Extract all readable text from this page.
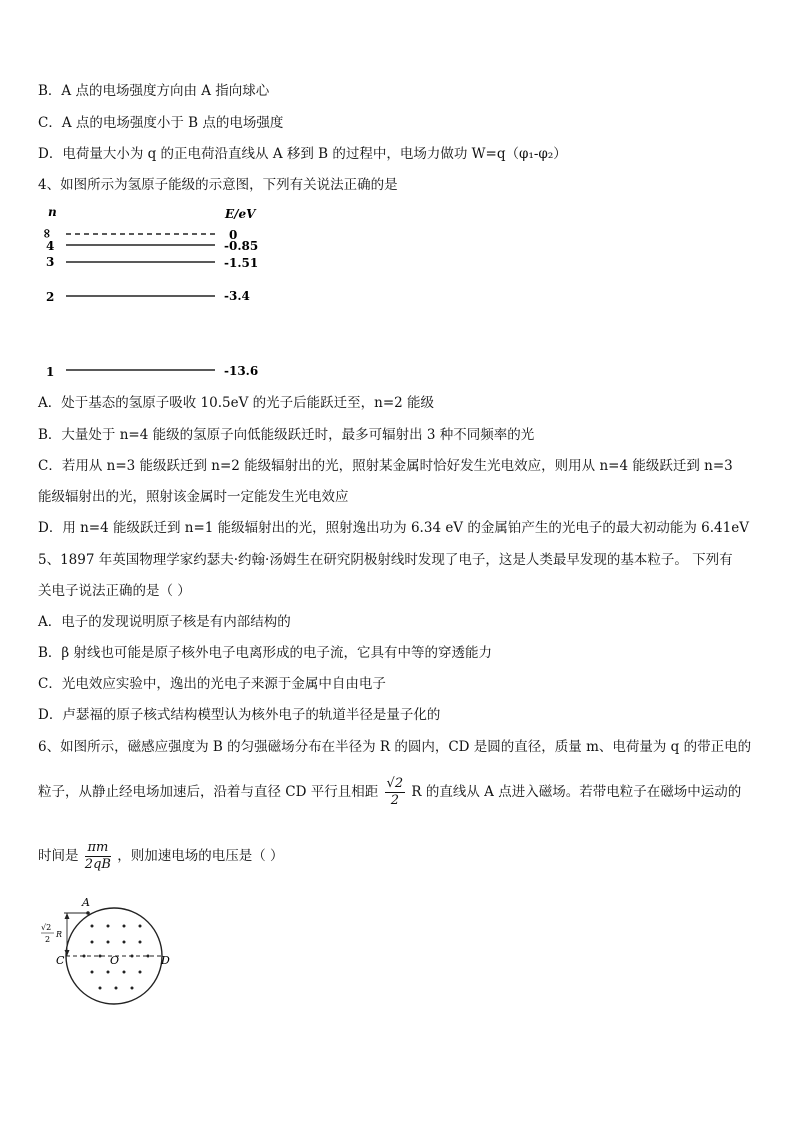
B．A 点的电场强度方向由 A 指向球心
C．A 点的电场强度小于 B 点的电场强度
D．电荷量大小为 q 的正电荷沿直线从 A 移到 B 的过程中，电场力做功 W=q（φ₁-φ₂）
4、如图所示为氢原子能级的示意图，下列有关说法正确的是
n	E/eV
∞	0
4	-0.85
3	-1.51
2	-3.4
1	-13.6
A．处于基态的氢原子吸收 10.5eV 的光子后能跃迁至，n=2 能级
B．大量处于 n=4 能级的氢原子向低能级跃迁时，最多可辐射出 3 种不同频率的光
C．若用从 n=3 能级跃迁到 n=2 能级辐射出的光，照射某金属时恰好发生光电效应，则用从 n=4 能级跃迁到 n=3
能级辐射出的光，照射该金属时一定能发生光电效应
D．用 n=4 能级跃迁到 n=1 能级辐射出的光，照射逸出功为 6.34 eV 的金属铂产生的光电子的最大初动能为 6.41eV
5、1897 年英国物理学家约瑟夫·约翰·汤姆生在研究阴极射线时发现了电子，这是人类最早发现的基本粒子。 下列有
关电子说法正确的是（ ）
A．电子的发现说明原子核是有内部结构的
B．β 射线也可能是原子核外电子电离形成的电子流，它具有中等的穿透能力
C．光电效应实验中，逸出的光电子来源于金属中自由电子
D．卢瑟福的原子核式结构模型认为核外电子的轨道半径是量子化的
6、如图所示，磁感应强度为 B 的匀强磁场分布在半径为 R 的圆内，CD 是圆的直径，质量 m、电荷量为 q 的带正电的
粒子，从静止经电场加速后，沿着与直径 CD 平行且相距 $\frac{√2}{2}$ R 的直线从 A 点进入磁场。若带电粒子在磁场中运动的
时间是 $\frac{\pi m}{2qB}$ ，则加速电场的电压是（ ）
A
C	D
O
√2
2
R
